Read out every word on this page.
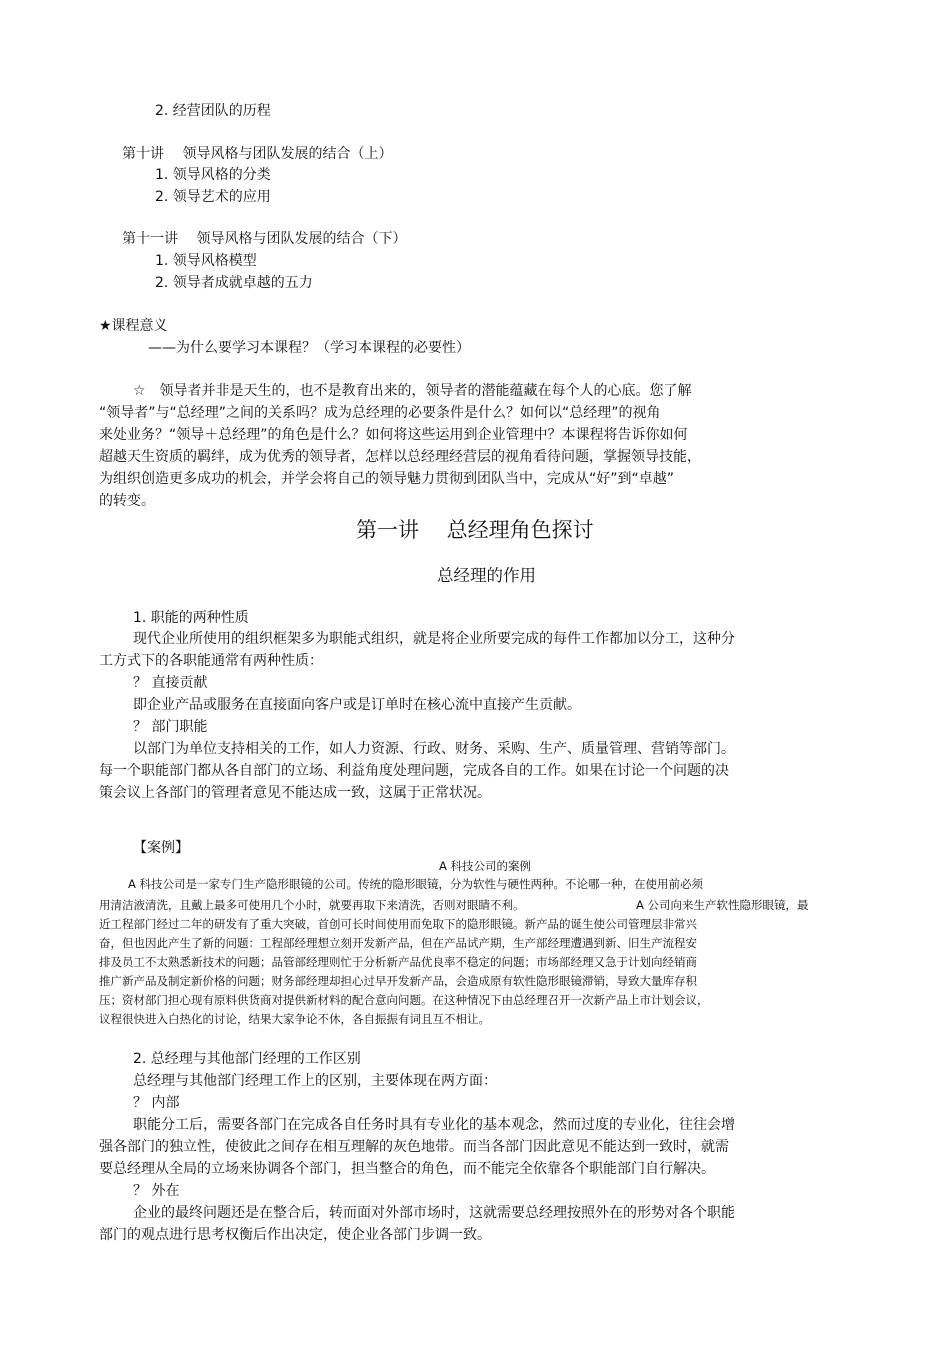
2. 经营团队的历程
第十讲　 领导风格与团队发展的结合（上）
1. 领导风格的分类
2. 领导艺术的应用
第十一讲　 领导风格与团队发展的结合（下）
1. 领导风格模型
2. 领导者成就卓越的五力
★课程意义
——为什么要学习本课程？（学习本课程的必要性）
☆　领导者并非是天生的，也不是教育出来的，领导者的潜能蕴藏在每个人的心底。您了解
“领导者”与“总经理”之间的关系吗？成为总经理的必要条件是什么？如何以“总经理”的视角
来处业务？“领导＋总经理”的角色是什么？如何将这些运用到企业管理中？本课程将告诉你如何
超越天生资质的羁绊，成为优秀的领导者，怎样以总经理经营层的视角看待问题，掌握领导技能，
为组织创造更多成功的机会，并学会将自己的领导魅力贯彻到团队当中，完成从“好”到“卓越”
的转变。
第一讲　 总经理角色探讨
总经理的作用
1. 职能的两种性质
现代企业所使用的组织框架多为职能式组织，就是将企业所要完成的每件工作都加以分工，这种分
工方式下的各职能通常有两种性质：
？ 直接贡献
即企业产品或服务在直接面向客户或是订单时在核心流中直接产生贡献。
？ 部门职能
以部门为单位支持相关的工作，如人力资源、行政、财务、采购、生产、质量管理、营销等部门。
每一个职能部门都从各自部门的立场、利益角度处理问题，完成各自的工作。如果在讨论一个问题的决
策会议上各部门的管理者意见不能达成一致，这属于正常状况。
【案例】
A 科技公司的案例
A 科技公司是一家专门生产隐形眼镜的公司。传统的隐形眼镜，分为软性与硬性两种。不论哪一种，在使用前必须
用清洁液清洗，且戴上最多可使用几个小时，就要再取下来清洗，否则对眼睛不利。	A 公司向来生产软性隐形眼镜，最
近工程部门经过二年的研发有了重大突破，首创可长时间使用而免取下的隐形眼镜。新产品的诞生使公司管理层非常兴
奋，但也因此产生了新的问题：工程部经理想立刻开发新产品，但在产品试产期，生产部经理遭遇到新、旧生产流程安
排及员工不太熟悉新技术的问题；品管部经理则忙于分析新产品优良率不稳定的问题；市场部经理又急于计划向经销商
推广新产品及制定新价格的问题；财务部经理却担心过早开发新产品，会造成原有软性隐形眼镜滞销，导致大量库存积
压；资材部门担心现有原料供货商对提供新材料的配合意向问题。在这种情况下由总经理召开一次新产品上市计划会议，
议程很快进入白热化的讨论，结果大家争论不休，各自振振有词且互不相让。
2. 总经理与其他部门经理的工作区别
总经理与其他部门经理工作上的区别，主要体现在两方面：
？ 内部
职能分工后，需要各部门在完成各自任务时具有专业化的基本观念，然而过度的专业化，往往会增
强各部门的独立性，使彼此之间存在相互理解的灰色地带。而当各部门因此意见不能达到一致时，就需
要总经理从全局的立场来协调各个部门，担当整合的角色，而不能完全依靠各个职能部门自行解决。
？ 外在
企业的最终问题还是在整合后，转而面对外部市场时，这就需要总经理按照外在的形势对各个职能
部门的观点进行思考权衡后作出决定，使企业各部门步调一致。
